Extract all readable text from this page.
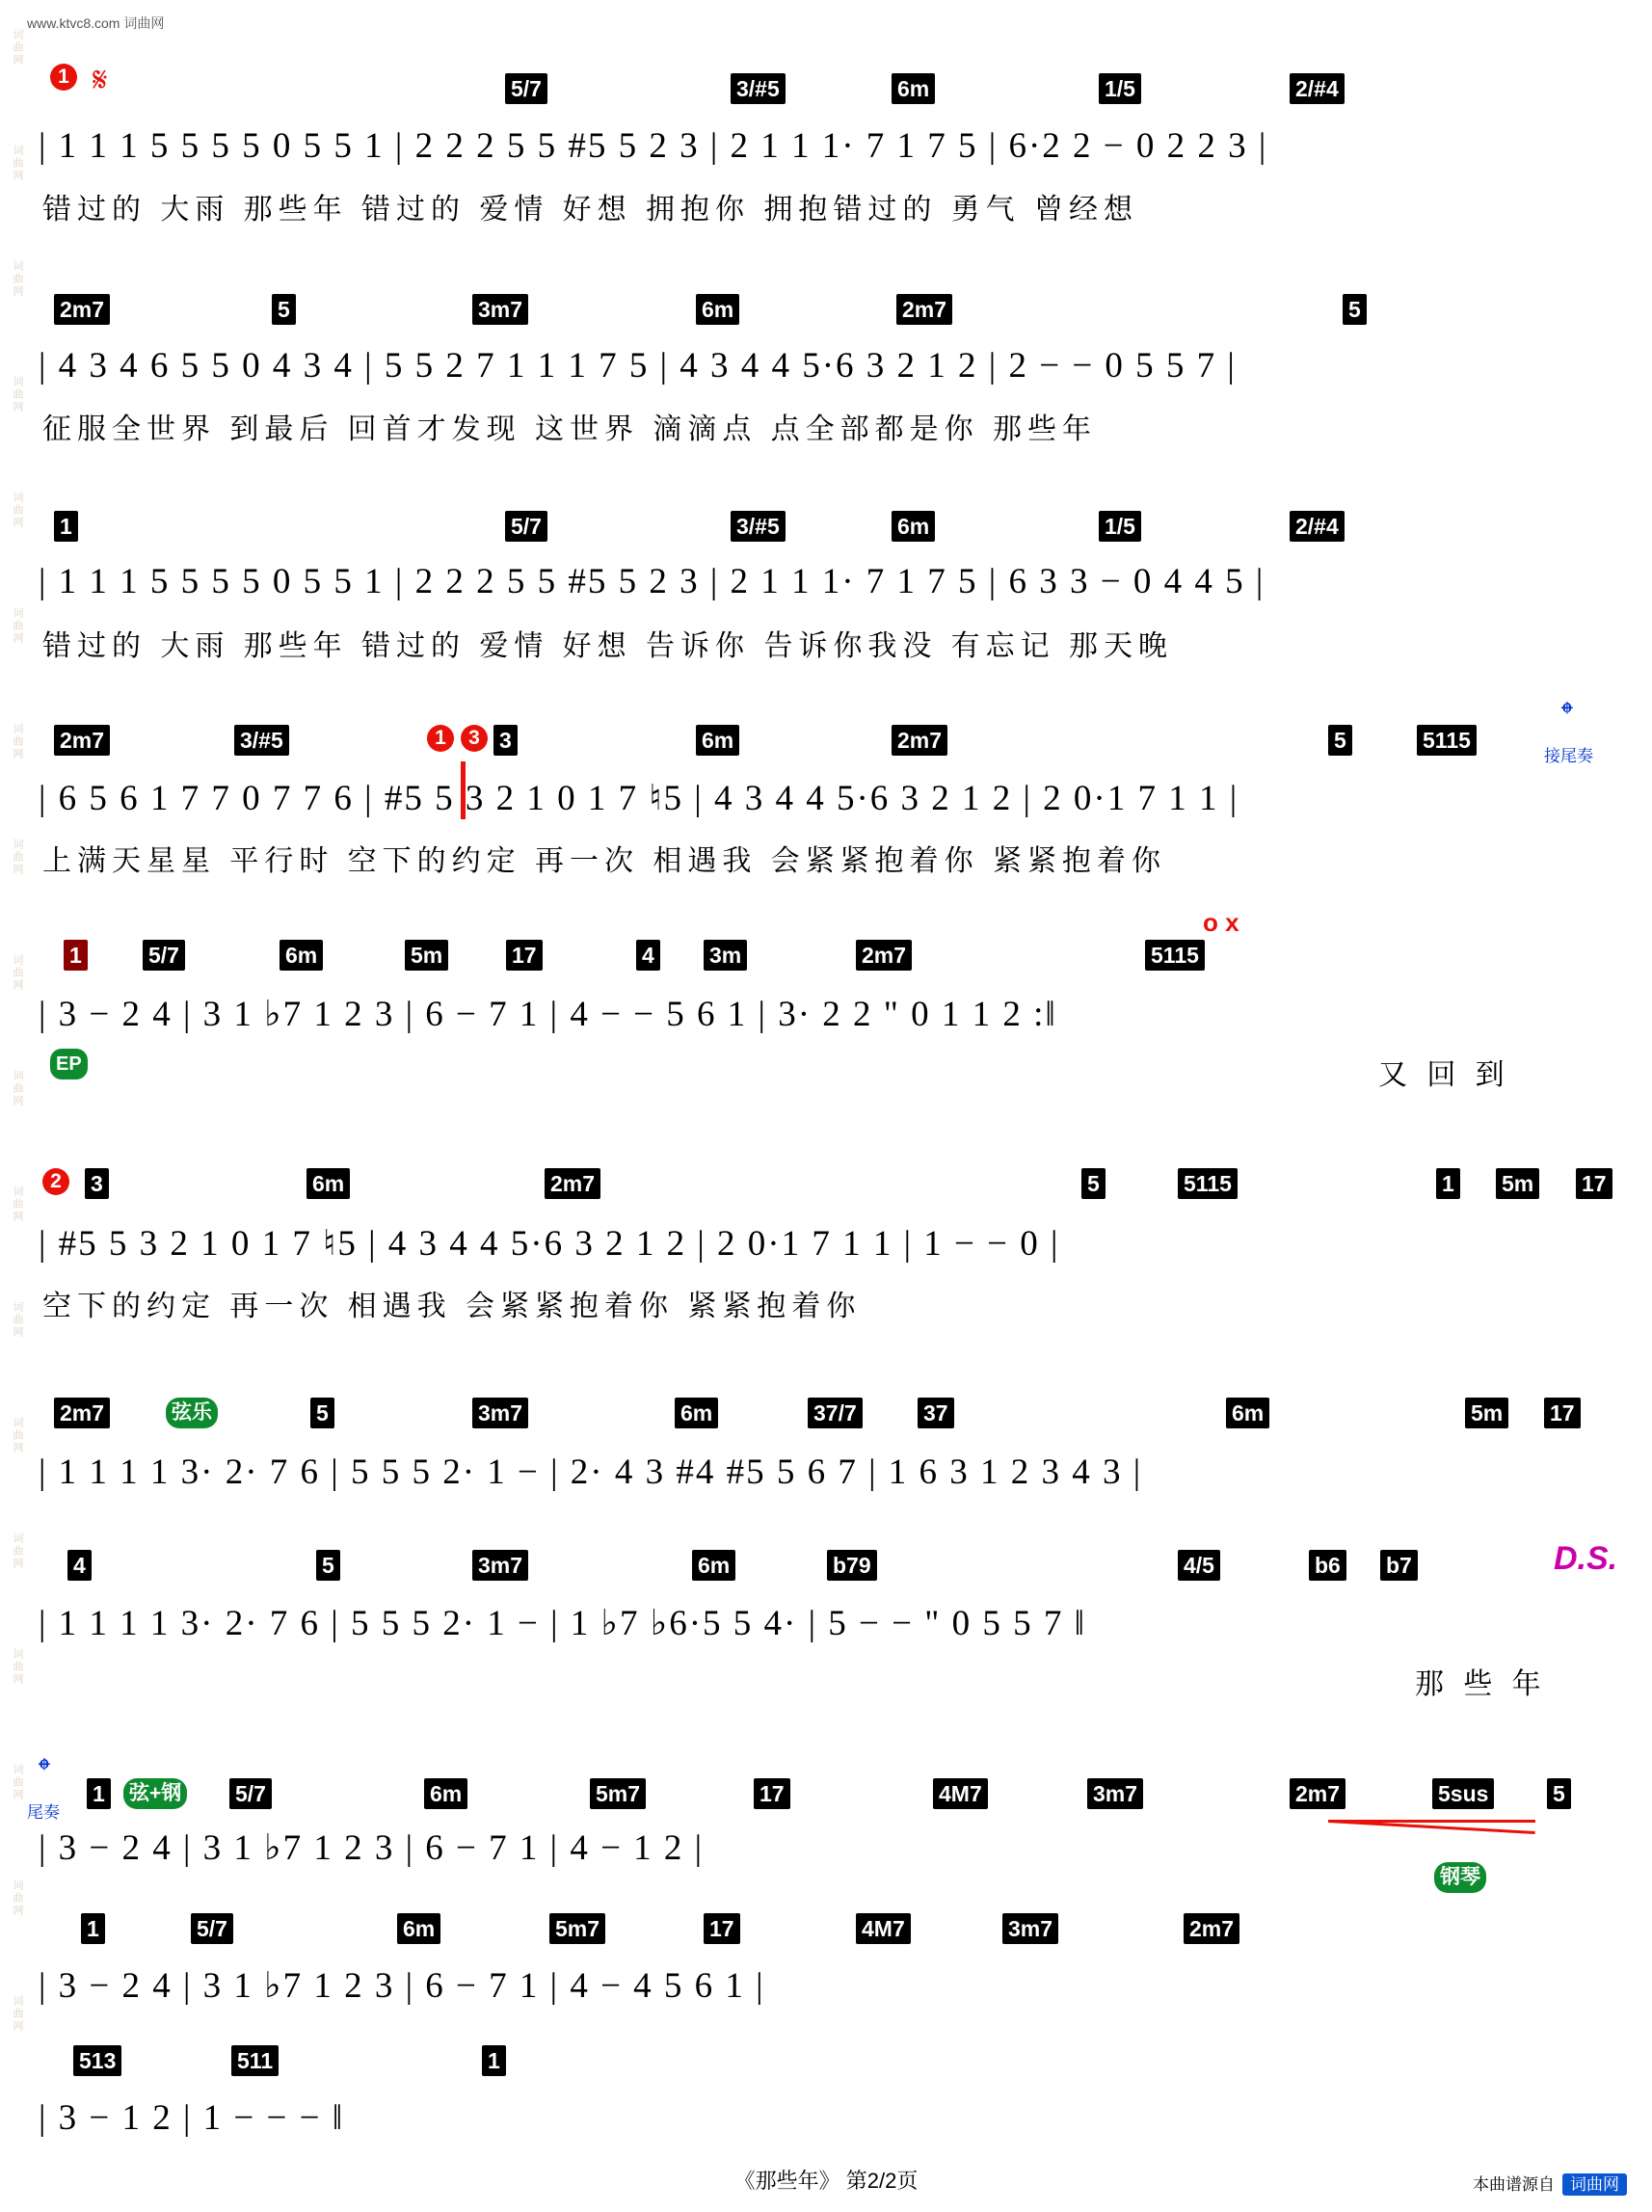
词曲网
词曲网
词曲网
词曲网
词曲网
词曲网
词曲网
词曲网
词曲网
词曲网
词曲网
词曲网
词曲网
词曲网
词曲网
词曲网
词曲网
词曲网
www.ktvc8.com 词曲网
1 𝄋	5/7	3/#5	6m	1/5	2/#4
| 1 1 1 5 5 5 5 0 5 5 1 | 2 2 2 5 5 #5 5 2 3 | 2 1 1 1· 7 1 7 5 | 6·2 2 − 0 2 2 3 |
错过的 大雨 那些年 错过的 爱情 好想 拥抱你 拥抱错过的 勇气 曾经想
2m7	5	3m7	6m	2m7	5
| 4 3 4 6 5 5 0 4 3 4 | 5 5 2 7 1 1 1 7 5 | 4 3 4 4 5·6 3 2 1 2 | 2 − − 0 5 5 7 |
征服全世界 到最后 回首才发现 这世界 滴滴点 点全部都是你 那些年
1	5/7	3/#5	6m	1/5	2/#4
| 1 1 1 5 5 5 5 0 5 5 1 | 2 2 2 5 5 #5 5 2 3 | 2 1 1 1· 7 1 7 5 | 6 3 3 − 0 4 4 5 |
错过的 大雨 那些年 错过的 爱情 好想 告诉你 告诉你我没 有忘记 那天晚
2m7	3/#5	1	3 3	6m	2m7	5	5115
𝄌
接尾奏
| 6 5 6 1 7 7 0 7 7 6 | #5 5 3 2 1 0 1 7 ♮5 | 4 3 4 4 5·6 3 2 1 2 | 2 0·1 7 1 1 |
上满天星星 平行时 空下的约定 再一次 相遇我 会紧紧抱着你 紧紧抱着你
1	5/7	6m	5m	17	4 3m	2m7	5115
o x
| 3 − 2 4 | 3 1 ♭7 1 2 3 | 6 − 7 1 | 4 − − 5 6 1 | 3· 2 2 " 0 1 1 2 :‖
EP	又 回 到
2	3	6m	2m7	5	5115	1 5m 17
| #5 5 3 2 1 0 1 7 ♮5 | 4 3 4 4 5·6 3 2 1 2 | 2 0·1 7 1 1 | 1 − − 0 |
空下的约定 再一次 相遇我 会紧紧抱着你 紧紧抱着你
2m7	弦乐	5	3m7	6m	37/7	37	6m	5m 17
| 1 1 1 1 3· 2· 7 6 | 5 5 5 2· 1 − | 2· 4 3 #4 #5 5 6 7 | 1 6 3 1 2 3 4 3 |
4	5	3m7	6m	b79	4/5	b6 b7	D.S.
| 1 1 1 1 3· 2· 7 6 | 5 5 5 2· 1 − | 1 ♭7 ♭6·5 5 4· | 5 − − " 0 5 5 7 ‖
那 些 年
𝄌
尾奏
1 弦+钢 5/7	6m	5m7	17	4M7	3m7	2m7	5sus	5
| 3 − 2 4 | 3 1 ♭7 1 2 3 | 6 − 7 1 | 4 − 1 2 |
钢琴
1	5/7	6m	5m7	17	4M7	3m7	2m7
| 3 − 2 4 | 3 1 ♭7 1 2 3 | 6 − 7 1 | 4 − 4 5 6 1 |
513	511	1
| 3 − 1 2 | 1 − − − ‖
《那些年》 第2/2页	本曲谱源自 词曲网
